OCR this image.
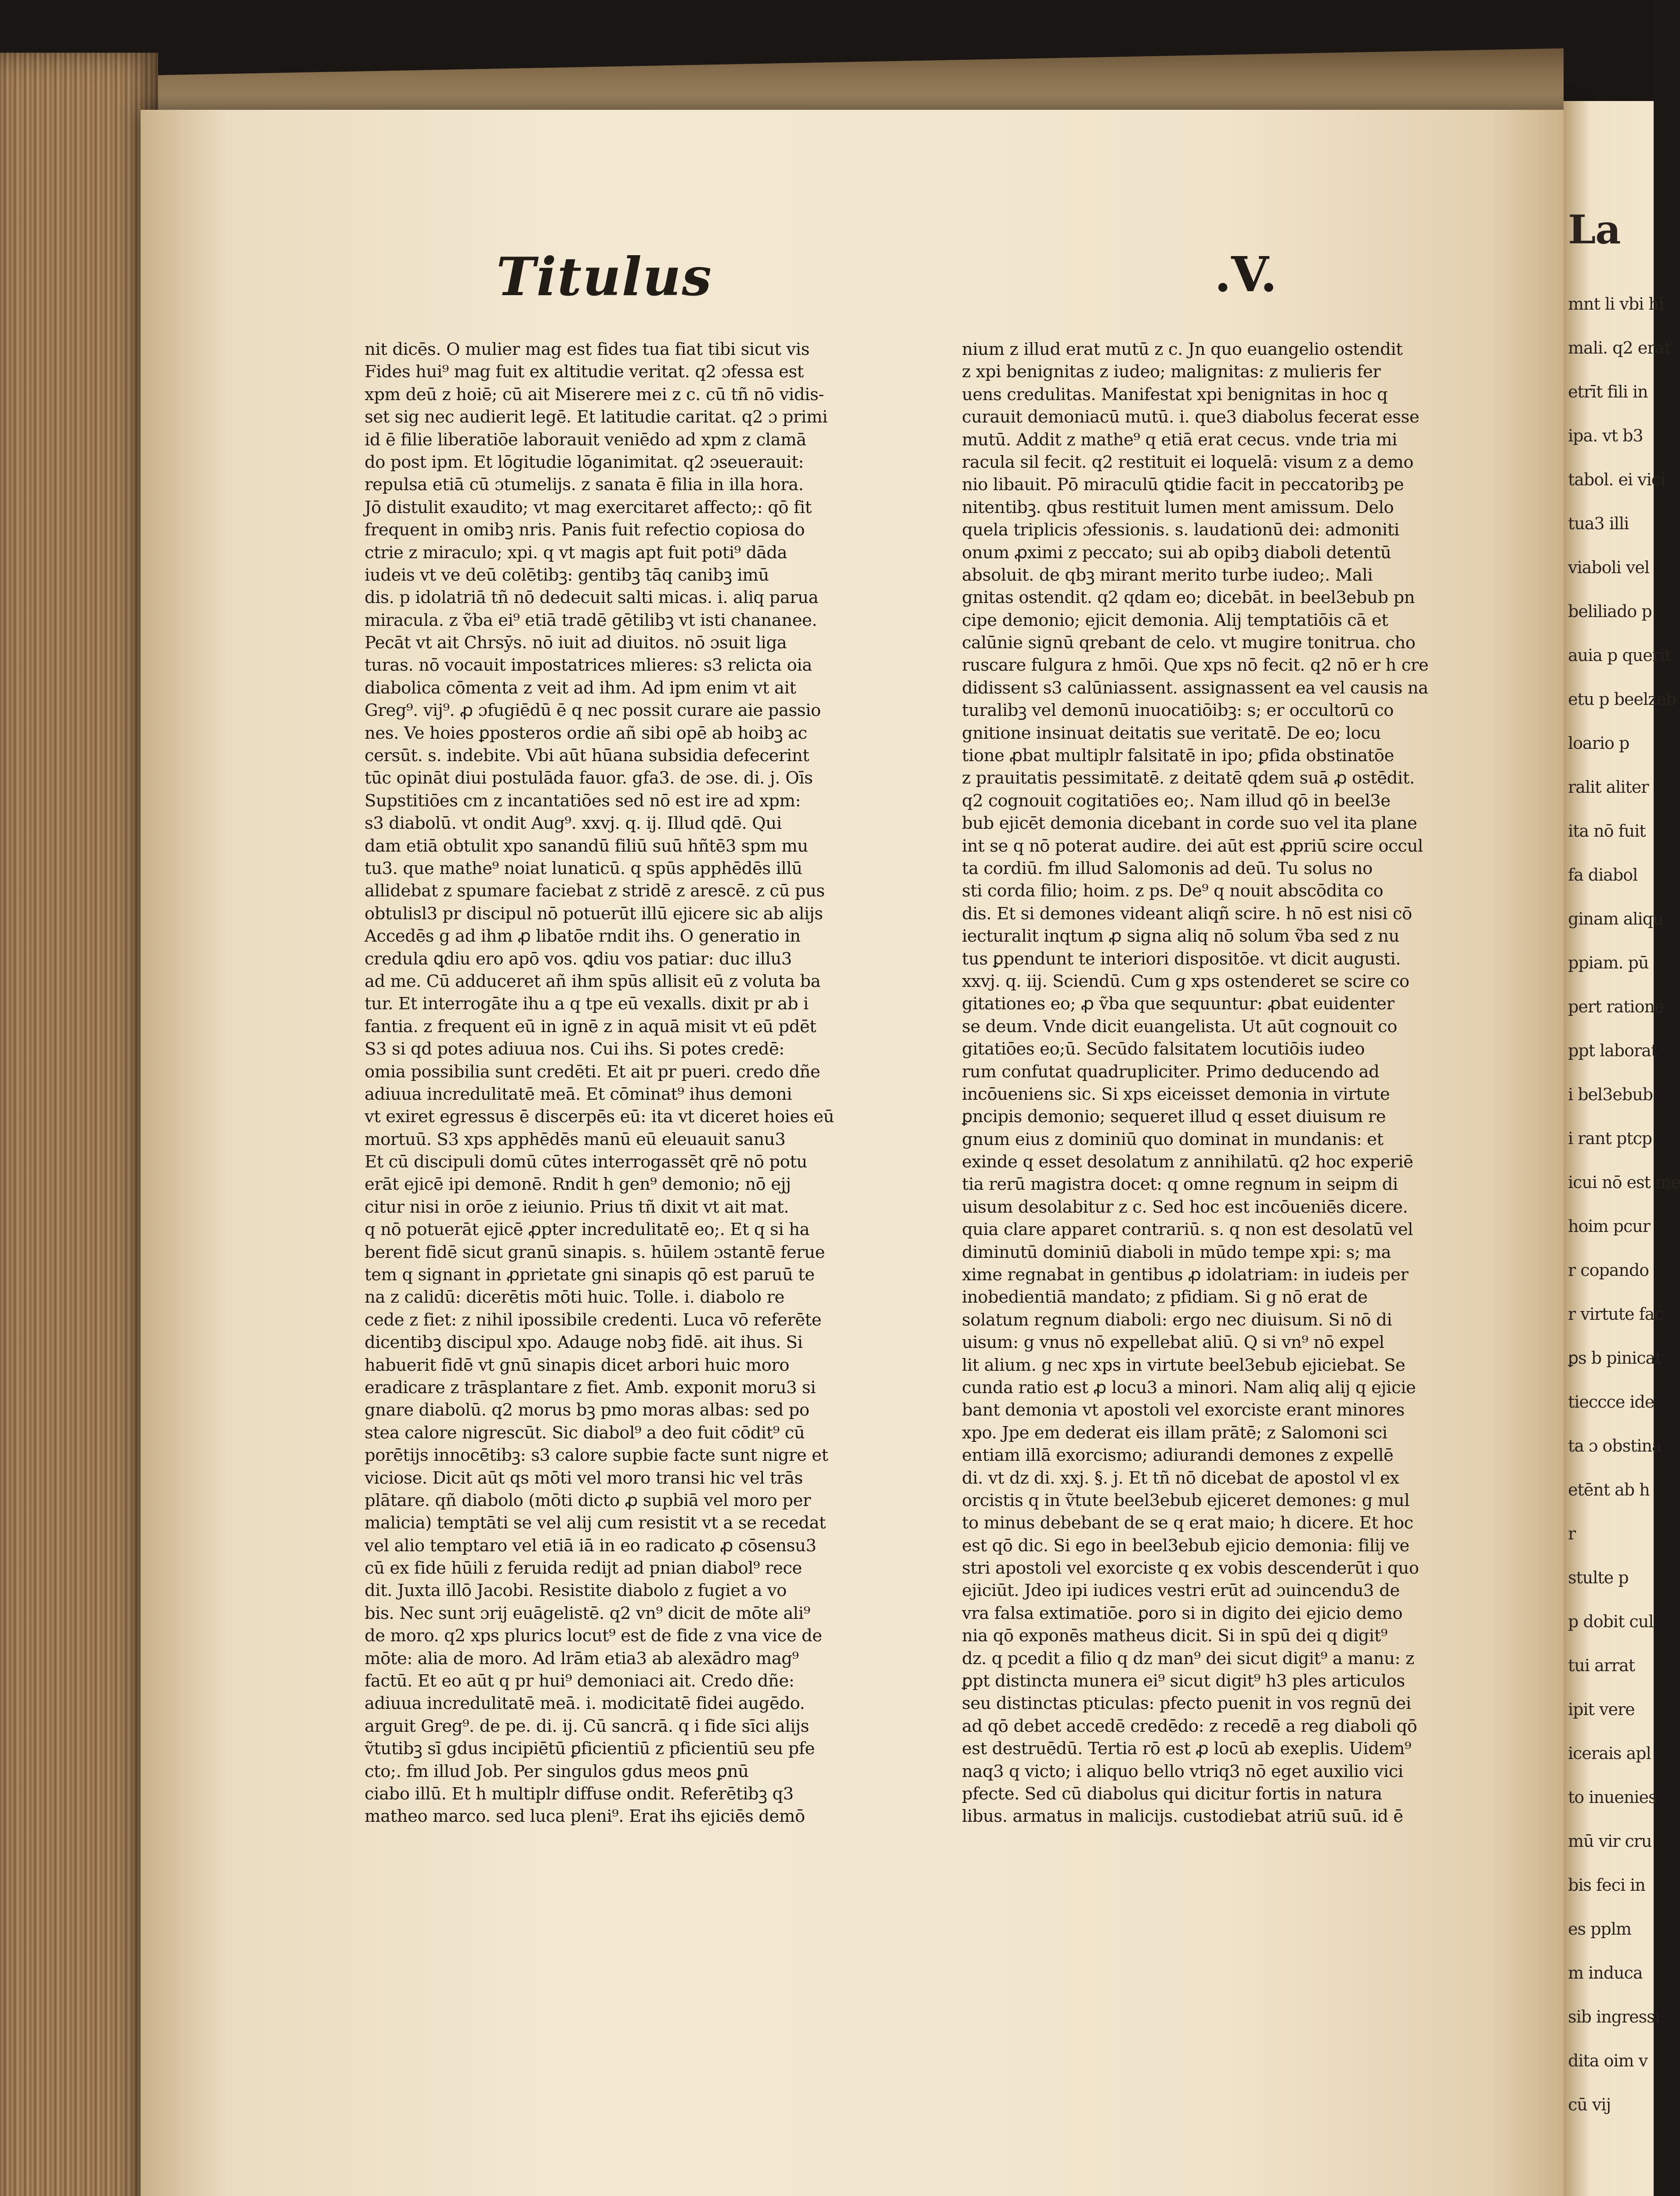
Titulus	.V.
nit dicēs. O mulier mag est fides tua fiat tibi sicut vis
Fides hui⁹ mag fuit ex altitudie veritat. q2 ɔfessa est
xpm deū z hoiē; cū ait Miserere mei z c. cū tñ nō vidis-
set sig nec audierit legē. Et latitudie caritat. q2 ɔ primi
id ē filie liberatiōe laborauit veniēdo ad xpm z clamā
do post ipm. Et lōgitudie lōganimitat. q2 ɔseuerauit:
repulsa etiā cū ɔtumelijs. z sanata ē filia in illa hora.
Jō distulit exaudito; vt mag exercitaret affecto;: qō fit
frequent in omibꝫ nris. Panis fuit refectio copiosa do
ctrie z miraculo; xpi. q vt magis apt fuit poti⁹ dāda
iudeis vt ve deū colētibꝫ: gentibꝫ tāq canibꝫ imū
dis. p idolatriā tñ nō dedecuit salti micas. i. aliq parua
miracula. z ṽba ei⁹ etiā tradē gētilibꝫ vt isti chananee.
Pecāt vt ait Chrsȳs. nō iuit ad diuitos. nō ɔsuit liga
turas. nō vocauit impostatrices mlieres: s3 relicta oia
diabolica cōmenta z veit ad ihm. Ad ipm enim vt ait
Greg⁹. vij⁹. ꝓ ɔfugiēdū ē q nec possit curare aie passio
nes. Ve hoies ꝑposteros ordie añ sibi opē ab hoibꝫ ac
cersūt. s. indebite. Vbi aūt hūana subsidia defecerint
tūc opināt diui postulāda fauor. gfa3. de ɔse. di. j. Oīs
Supstitiōes cm z incantatiōes sed nō est ire ad xpm:
s3 diabolū. vt ondit Aug⁹. xxvj. q. ij. Illud qdē. Qui
dam etiā obtulit xpo sanandū filiū suū hñtē3 spm mu
tu3. que mathe⁹ noiat lunaticū. q spūs apphēdēs illū
allidebat z spumare faciebat z stridē z arescē. z cū pus
obtulisl3 pr discipul nō potuerūt illū ejicere sic ab alijs
Accedēs g ad ihm ꝓ libatōe rndit ihs. O generatio in
credula ꝗdiu ero apō vos. ꝗdiu vos patiar: duc illu3
ad me. Cū adduceret añ ihm spūs allisit eū z voluta ba
tur. Et interrogāte ihu a q tpe eū vexalls. dixit pr ab i
fantia. z frequent eū in ignē z in aquā misit vt eū pdēt
S3 si qd potes adiuua nos. Cui ihs. Si potes credē:
omia possibilia sunt credēti. Et ait pr pueri. credo dñe
adiuua incredulitatē meā. Et cōminat⁹ ihus demoni
vt exiret egressus ē discerpēs eū: ita vt diceret hoies eū
mortuū. S3 xps apphēdēs manū eū eleuauit sanu3
Et cū discipuli domū cūtes interrogassēt qrē nō potu
erāt ejicē ipi demonē. Rndit h gen⁹ demonio; nō ejj
citur nisi in orōe z ieiunio. Prius tñ dixit vt ait mat.
q nō potuerāt ejicē ꝓpter incredulitatē eo;. Et q si ha
berent fidē sicut granū sinapis. s. hūilem ɔstantē ferue
tem q signant in ꝓprietate gni sinapis qō est paruū te
na z calidū: dicerētis mōti huic. Tolle. i. diabolo re
cede z fiet: z nihil ipossibile credenti. Luca vō referēte
dicentibꝫ discipul xpo. Adauge nobꝫ fidē. ait ihus. Si
habuerit fidē vt gnū sinapis dicet arbori huic moro
eradicare z trāsplantare z fiet. Amb. exponit moru3 si
gnare diabolū. q2 morus bꝫ pmo moras albas: sed po
stea calore nigrescūt. Sic diabol⁹ a deo fuit cōdit⁹ cū
porētijs innocētibꝫ: s3 calore supbie facte sunt nigre et
viciose. Dicit aūt qs mōti vel moro transi hic vel trās
plātare. qñ diabolo (mōti dicto ꝓ supbiā vel moro per
malicia) temptāti se vel alij cum resistit vt a se recedat
vel alio temptaro vel etiā iā in eo radicato ꝓ cōsensu3
cū ex fide hūili z feruida redijt ad pnian diabol⁹ rece
dit. Juxta illō Jacobi. Resistite diabolo z fugiet a vo
bis. Nec sunt ɔrij euāgelistē. q2 vn⁹ dicit de mōte ali⁹
de moro. q2 xps plurics locut⁹ est de fide z vna vice de
mōte: alia de moro. Ad lrām etia3 ab alexādro mag⁹
factū. Et eo aūt q pr hui⁹ demoniaci ait. Credo dñe:
adiuua incredulitatē meā. i. modicitatē fidei augēdo.
arguit Greg⁹. de pe. di. ij. Cū sancrā. q i fide sīci alijs
ṽtutibꝫ sī gdus incipiētū ꝑficientiū z pficientiū seu pfe
cto;. fm illud Job. Per singulos gdus meos ꝑnū
ciabo illū. Et h multiplr diffuse ondit. Referētibꝫ q3
matheo marco. sed luca pleni⁹. Erat ihs ejiciēs demō
nium z illud erat mutū z c. Jn quo euangelio ostendit
z xpi benignitas z iudeo; malignitas: z mulieris fer
uens credulitas. Manifestat xpi benignitas in hoc q
curauit demoniacū mutū. i. que3 diabolus fecerat esse
mutū. Addit z mathe⁹ q etiā erat cecus. vnde tria mi
racula sil fecit. q2 restituit ei loquelā: visum z a demo
nio libauit. Pō miraculū ꝗtidie facit in peccatoribꝫ pe
nitentibꝫ. qbus restituit lumen ment amissum. Delo
quela triplicis ɔfessionis. s. laudationū dei: admoniti
onum ꝓximi z peccato; sui ab opibꝫ diaboli detentū
absoluit. de qbꝫ mirant merito turbe iudeo;. Mali
gnitas ostendit. q2 qdam eo; dicebāt. in beel3ebub pn
cipe demonio; ejicit demonia. Alij temptatiōis cā et
calūnie signū qrebant de celo. vt mugire tonitrua. cho
ruscare fulgura z hmōi. Que xps nō fecit. q2 nō er h cre
didissent s3 calūniassent. assignassent ea vel causis na
turalibꝫ vel demonū inuocatiōibꝫ: s; er occultorū co
gnitione insinuat deitatis sue veritatē. De eo; locu
tione ꝓbat multiplr falsitatē in ipo; ꝑfida obstinatōe
z prauitatis pessimitatē. z deitatē qdem suā ꝓ ostēdit.
q2 cognouit cogitatiōes eo;. Nam illud qō in beel3e
bub ejicēt demonia dicebant in corde suo vel ita plane
int se q nō poterat audire. dei aūt est ꝓpriū scire occul
ta cordiū. fm illud Salomonis ad deū. Tu solus no
sti corda filio; hoim. z ps. De⁹ q nouit abscōdita co
dis. Et si demones videant aliqñ scire. h nō est nisi cō
iecturalit inqtum ꝓ signa aliq nō solum ṽba sed z nu
tus ꝑpendunt te interiori dispositōe. vt dicit augusti.
xxvj. q. iij. Sciendū. Cum g xps ostenderet se scire co
gitationes eo; ꝓ ṽba que sequuntur: ꝓbat euidenter
se deum. Vnde dicit euangelista. Ut aūt cognouit co
gitatiōes eo;ū. Secūdo falsitatem locutiōis iudeo
rum confutat quadrupliciter. Primo deducendo ad
incōueniens sic. Si xps eiceisset demonia in virtute
ꝑncipis demonio; sequeret illud q esset diuisum re
gnum eius z dominiū quo dominat in mundanis: et
exinde q esset desolatum z annihilatū. q2 hoc experiē
tia rerū magistra docet: q omne regnum in seipm di
uisum desolabitur z c. Sed hoc est incōueniēs dicere.
quia clare apparet contrariū. s. q non est desolatū vel
diminutū dominiū diaboli in mūdo tempe xpi: s; ma
xime regnabat in gentibus ꝓ idolatriam: in iudeis per
inobedientiā mandato; z pfidiam. Si g nō erat de
solatum regnum diaboli: ergo nec diuisum. Si nō di
uisum: g vnus nō expellebat aliū. Q si vn⁹ nō expel
lit alium. g nec xps in virtute beel3ebub ejiciebat. Se
cunda ratio est ꝓ locu3 a minori. Nam aliq alij q ejicie
bant demonia vt apostoli vel exorciste erant minores
xpo. Jpe em dederat eis illam prātē; z Salomoni sci
entiam illā exorcismo; adiurandi demones z expellē
di. vt dz di. xxj. §. j. Et tñ nō dicebat de apostol vl ex
orcistis q in ṽtute beel3ebub ejiceret demones: g mul
to minus debebant de se q erat maio; h dicere. Et hoc
est qō dic. Si ego in beel3ebub ejicio demonia: filij ve
stri apostoli vel exorciste q ex vobis descenderūt i quo
ejiciūt. Jdeo ipi iudices vestri erūt ad ɔuincendu3 de
vra falsa extimatiōe. ꝑoro si in digito dei ejicio demo
nia qō exponēs matheus dicit. Si in spū dei q digit⁹
dz. q pcedit a filio q dz man⁹ dei sicut digit⁹ a manu: z
ꝑpt distincta munera ei⁹ sicut digit⁹ h3 ples articulos
seu distinctas pticulas: pfecto puenit in vos regnū dei
ad qō debet accedē credēdo: z recedē a reg diaboli qō
est destruēdū. Tertia rō est ꝓ locū ab exeplis. Uidem⁹
naq3 q victo; i aliquo bello vtriq3 nō eget auxilio vici
pfecte. Sed cū diabolus qui dicitur fortis in natura
libus. armatus in malicijs. custodiebat atriū suū. id ē
La
mnt li vbi hi
mali. q2 erat
etrīt fili in
ipa. vt b3
tabol. ei vici
tua3 illi
viaboli vel
beliliado p
auia p querit
etu p beelzeb
loario p
ralit aliter
ita nō fuit
fa diabol
ginam aliqu
ppiam. pū
pert ratione
ppt laborat
i bel3ebub
i rant ptcp
icui nō est me
hoim pcur
r copando
r virtute fac
ꝑs b pinicat
tieccce ide
ta ɔ obstina
etēnt ab h
r
stulte p
p dobit cul
tui arrat
ipit vere
icerais apl
to inuenies
mū vir cru
bis feci in
es pplm
m induca
sib ingressi
dita oim v
cū vij
